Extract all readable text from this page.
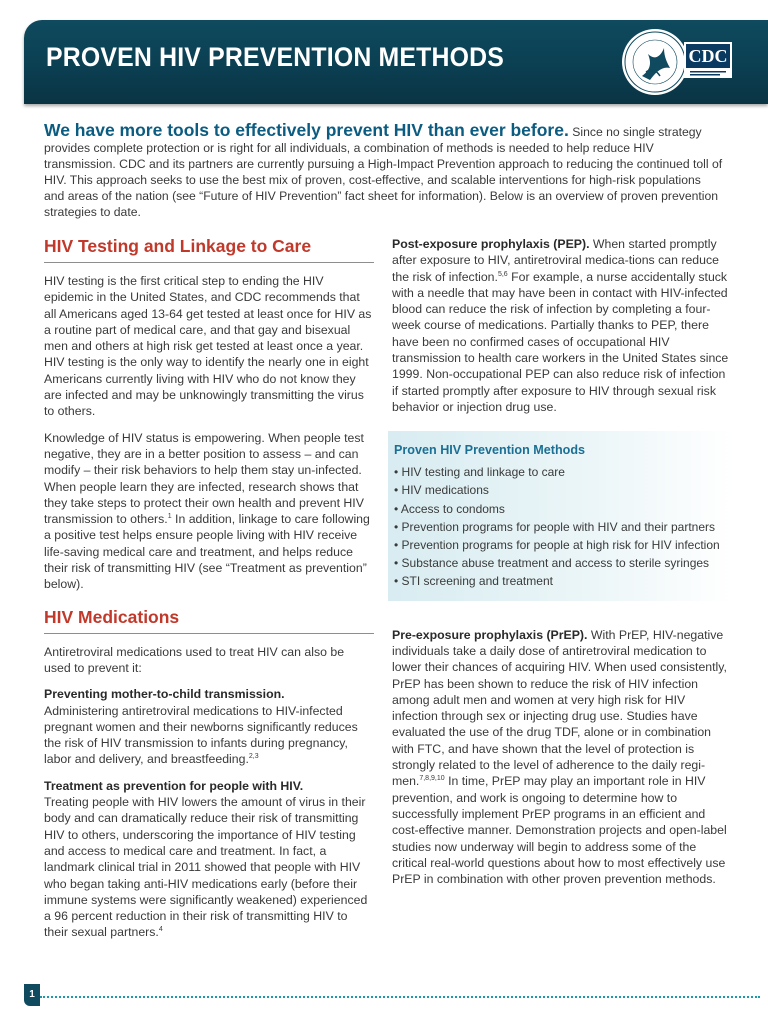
PROVEN HIV PREVENTION METHODS	CDC
We have more tools to effectively prevent HIV than ever before. Since no single strategy provides complete protection or is right for all individuals, a combination of methods is needed to help reduce HIV transmission. CDC and its partners are currently pursuing a High-Impact Prevention approach to reducing the continued toll of HIV. This approach seeks to use the best mix of proven, cost-effective, and scalable interventions for high-risk populations and areas of the nation (see “Future of HIV Prevention” fact sheet for information). Below is an overview of proven prevention strategies to date.
HIV Testing and Linkage to Care

HIV testing is the first critical step to ending the HIV epidemic in the United States, and CDC recommends that all Americans aged 13-64 get tested at least once for HIV as a routine part of medical care, and that gay and bisexual men and others at high risk get tested at least once a year. HIV testing is the only way to identify the nearly one in eight Americans currently living with HIV who do not know they are infected and may be unknowingly transmitting the virus to others.

Knowledge of HIV status is empowering. When people test negative, they are in a better position to assess – and can modify – their risk behaviors to help them stay un-infected. When people learn they are infected, research shows that they take steps to protect their own health and prevent HIV transmission to others.$^1$ In addition, linkage to care following a positive test helps ensure people living with HIV receive life-saving medical care and treatment, and helps reduce their risk of transmitting HIV (see “Treatment as prevention” below).

HIV Medications

Antiretroviral medications used to treat HIV can also be used to prevent it:

Preventing mother-to-child transmission.
Administering antiretroviral medications to HIV-infected pregnant women and their newborns significantly reduces the risk of HIV transmission to infants during pregnancy, labor and delivery, and breastfeeding.$^{2,3}$

Treatment as prevention for people with HIV.
Treating people with HIV lowers the amount of virus in their body and can dramatically reduce their risk of transmitting HIV to others, underscoring the importance of HIV testing and access to medical care and treatment. In fact, a landmark clinical trial in 2011 showed that people with HIV who began taking anti-HIV medications early (before their immune systems were significantly weakened) experienced a 96 percent reduction in their risk of transmitting HIV to their sexual partners.$^4$

Post-exposure prophylaxis (PEP). When started promptly after exposure to HIV, antiretroviral medica-tions can reduce the risk of infection.$^{5,6}$ For example, a nurse accidentally stuck with a needle that may have been in contact with HIV-infected blood can reduce the risk of infection by completing a four-week course of medications. Partially thanks to PEP, there have been no confirmed cases of occupational HIV transmission to health care workers in the United States since 1999. Non-occupational PEP can also reduce risk of infection if started promptly after exposure to HIV through sexual risk behavior or injection drug use.

Proven HIV Prevention Methods
• HIV testing and linkage to care
• HIV medications
• Access to condoms
• Prevention programs for people with HIV and their partners
• Prevention programs for people at high risk for HIV infection
• Substance abuse treatment and access to sterile syringes
• STI screening and treatment

Pre-exposure prophylaxis (PrEP). With PrEP, HIV-negative individuals take a daily dose of antiretroviral medication to lower their chances of acquiring HIV. When used consistently, PrEP has been shown to reduce the risk of HIV infection among adult men and women at very high risk for HIV infection through sex or injecting drug use. Studies have evaluated the use of the drug TDF, alone or in combination with FTC, and have shown that the level of protection is strongly related to the level of adherence to the daily regi-men.$^{7,8,9,10}$ In time, PrEP may play an important role in HIV prevention, and work is ongoing to determine how to successfully implement PrEP programs in an efficient and cost-effective manner. Demonstration projects and open-label studies now underway will begin to address some of the critical real-world questions about how to most effectively use PrEP in combination with other proven prevention methods.

1
